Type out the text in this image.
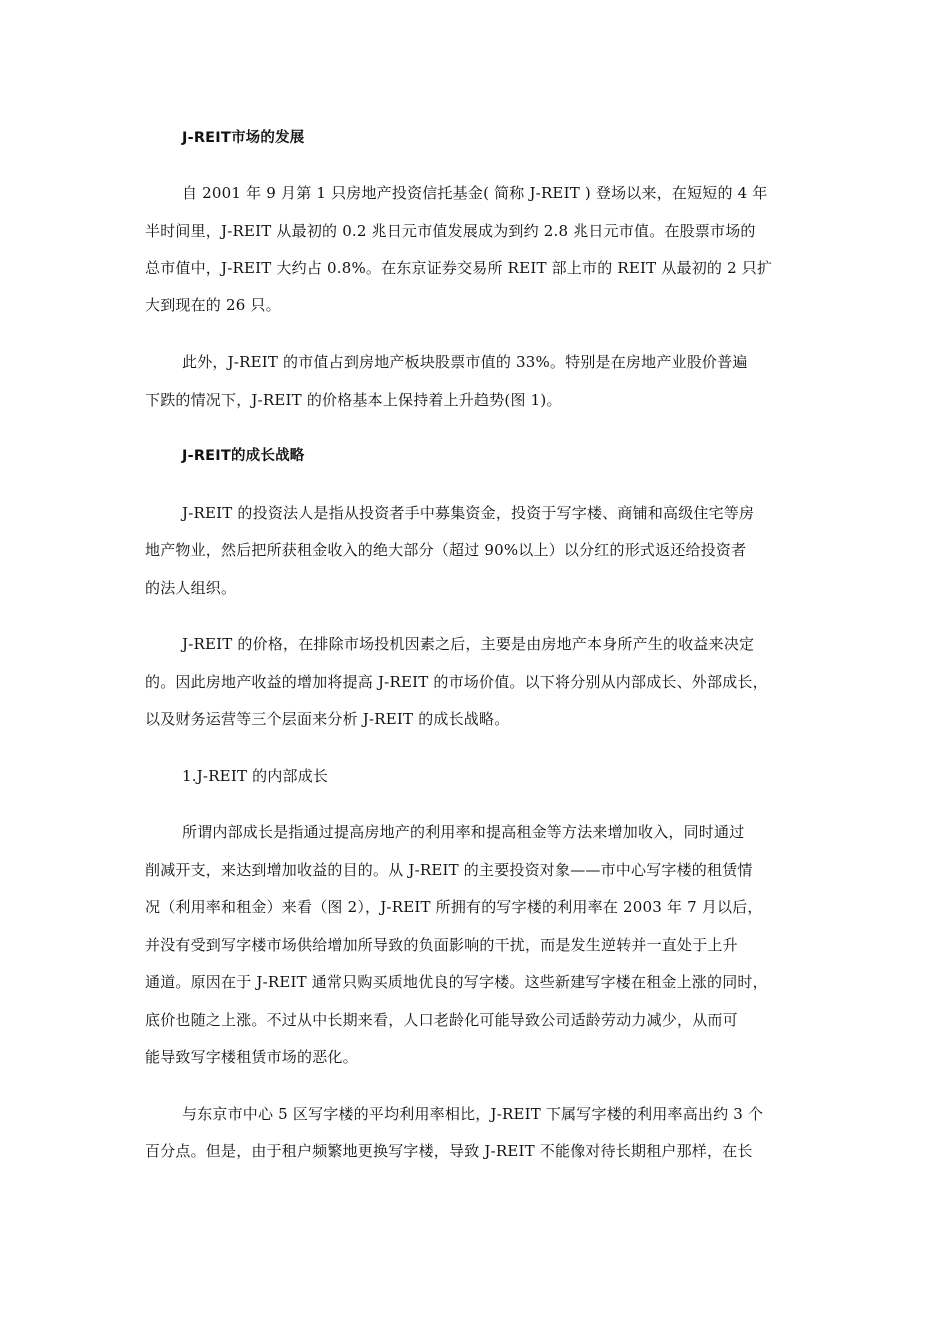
J-REIT市场的发展
自 2001 年 9 月第 1 只房地产投资信托基金( 简称 J-REIT ) 登场以来，在短短的 4 年
半时间里，J-REIT 从最初的 0.2 兆日元市值发展成为到约 2.8 兆日元市值。在股票市场的
总市值中，J-REIT 大约占 0.8%。在东京证券交易所 REIT 部上市的 REIT 从最初的 2 只扩
大到现在的 26 只。
此外，J-REIT 的市值占到房地产板块股票市值的 33%。特别是在房地产业股价普遍
下跌的情况下，J-REIT 的价格基本上保持着上升趋势(图 1)。
J-REIT的成长战略
J-REIT 的投资法人是指从投资者手中募集资金，投资于写字楼、商铺和高级住宅等房
地产物业，然后把所获租金收入的绝大部分（超过 90%以上）以分红的形式返还给投资者
的法人组织。
J-REIT 的价格，在排除市场投机因素之后，主要是由房地产本身所产生的收益来决定
的。因此房地产收益的增加将提高 J-REIT 的市场价值。以下将分别从内部成长、外部成长，
以及财务运营等三个层面来分析 J-REIT 的成长战略。
1.J-REIT 的内部成长
所谓内部成长是指通过提高房地产的利用率和提高租金等方法来增加收入，同时通过
削减开支，来达到增加收益的目的。从 J-REIT 的主要投资对象——市中心写字楼的租赁情
况（利用率和租金）来看（图 2），J-REIT 所拥有的写字楼的利用率在 2003 年 7 月以后，
并没有受到写字楼市场供给增加所导致的负面影响的干扰，而是发生逆转并一直处于上升
通道。原因在于 J-REIT 通常只购买质地优良的写字楼。这些新建写字楼在租金上涨的同时，
底价也随之上涨。不过从中长期来看，人口老龄化可能导致公司适龄劳动力减少，从而可
能导致写字楼租赁市场的恶化。
与东京市中心 5 区写字楼的平均利用率相比，J-REIT 下属写字楼的利用率高出约 3 个
百分点。但是，由于租户频繁地更换写字楼，导致 J-REIT 不能像对待长期租户那样，在长
